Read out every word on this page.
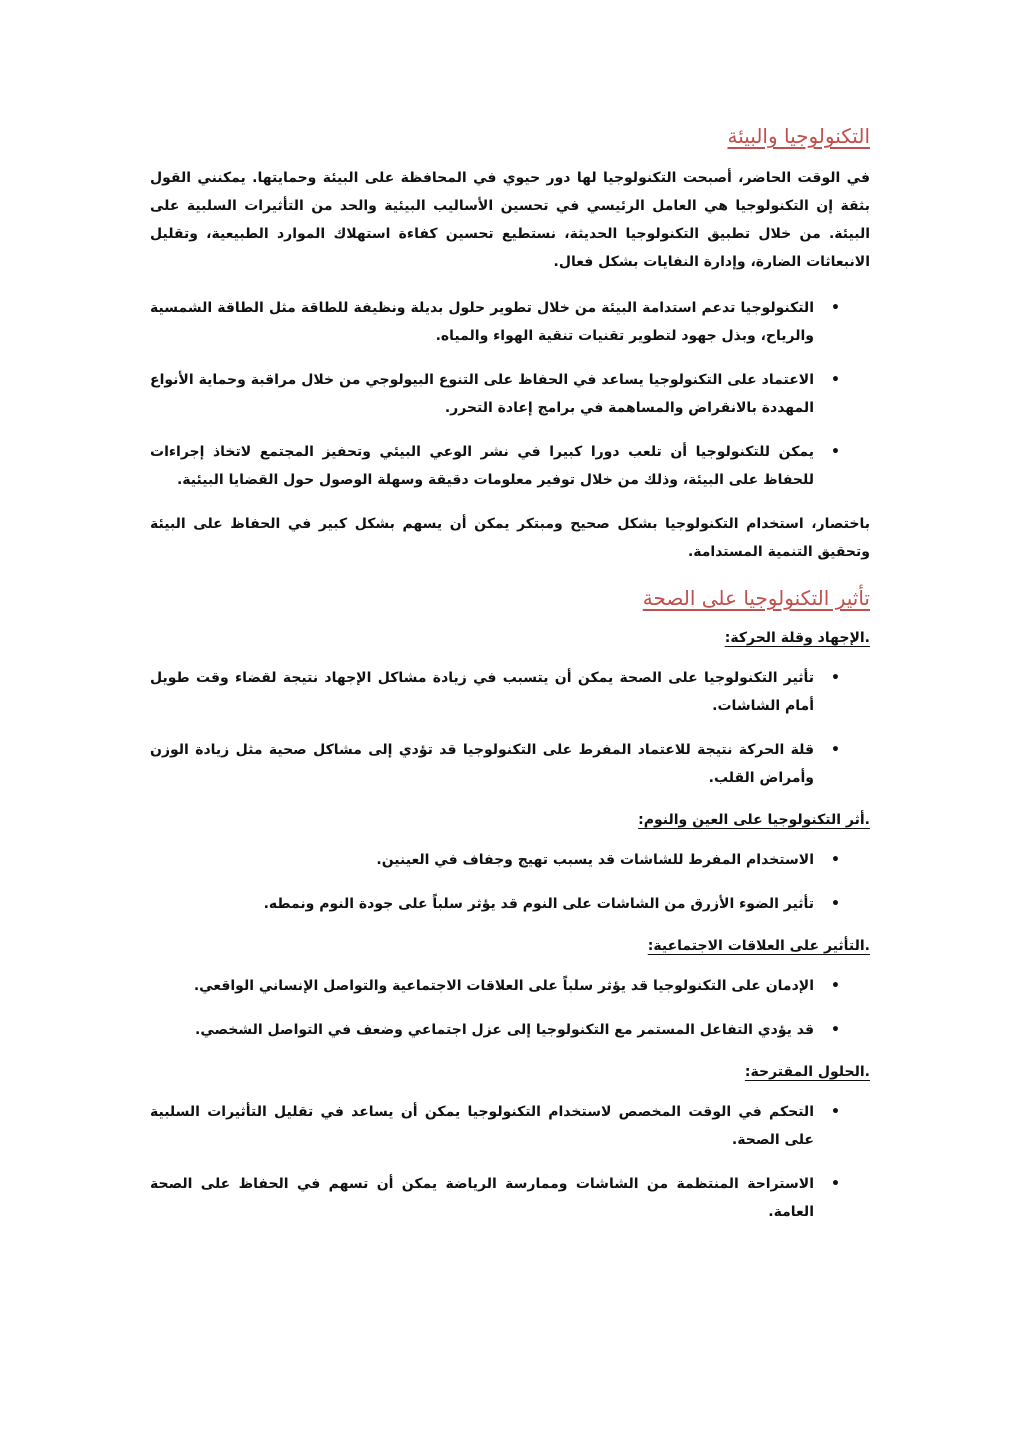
التكنولوجيا والبيئة

في الوقت الحاضر، أصبحت التكنولوجيا لها دور حيوي في المحافظة على البيئة وحمايتها. يمكنني القول بثقة إن التكنولوجيا هي العامل الرئيسي في تحسين الأساليب البيئية والحد من التأثيرات السلبية على البيئة. من خلال تطبيق التكنولوجيا الحديثة، نستطيع تحسين كفاءة استهلاك الموارد الطبيعية، وتقليل الانبعاثات الضارة، وإدارة النفايات بشكل فعال.

•
التكنولوجيا تدعم استدامة البيئة من خلال تطوير حلول بديلة ونظيفة للطاقة مثل الطاقة الشمسية والرياح، وبذل جهود لتطوير تقنيات تنقية الهواء والمياه.
•
الاعتماد على التكنولوجيا يساعد في الحفاظ على التنوع البيولوجي من خلال مراقبة وحماية الأنواع المهددة بالانقراض والمساهمة في برامج إعادة التحرر.
•
يمكن للتكنولوجيا أن تلعب دورا كبيرا في نشر الوعي البيئي وتحفيز المجتمع لاتخاذ إجراءات للحفاظ على البيئة، وذلك من خلال توفير معلومات دقيقة وسهلة الوصول حول القضايا البيئية.

باختصار، استخدام التكنولوجيا بشكل صحيح ومبتكر يمكن أن يسهم بشكل كبير في الحفاظ على البيئة وتحقيق التنمية المستدامة.

تأثير التكنولوجيا على الصحة
.الإجهاد وقلة الحركة:
•
تأثير التكنولوجيا على الصحة يمكن أن يتسبب في زيادة مشاكل الإجهاد نتيجة لقضاء وقت طويل أمام الشاشات.
•
قلة الحركة نتيجة للاعتماد المفرط على التكنولوجيا قد تؤدي إلى مشاكل صحية مثل زيادة الوزن وأمراض القلب.
.أثر التكنولوجيا على العين والنوم:
•
الاستخدام المفرط للشاشات قد يسبب تهيج وجفاف في العينين.
•
تأثير الضوء الأزرق من الشاشات على النوم قد يؤثر سلباً على جودة النوم ونمطه.
.التأثير على العلاقات الاجتماعية:
•
الإدمان على التكنولوجيا قد يؤثر سلباً على العلاقات الاجتماعية والتواصل الإنساني الواقعي.
•
قد يؤدي التفاعل المستمر مع التكنولوجيا إلى عزل اجتماعي وضعف في التواصل الشخصي.
.الحلول المقترحة:
•
التحكم في الوقت المخصص لاستخدام التكنولوجيا يمكن أن يساعد في تقليل التأثيرات السلبية على الصحة.
•
الاستراحة المنتظمة من الشاشات وممارسة الرياضة يمكن أن تسهم في الحفاظ على الصحة العامة.
